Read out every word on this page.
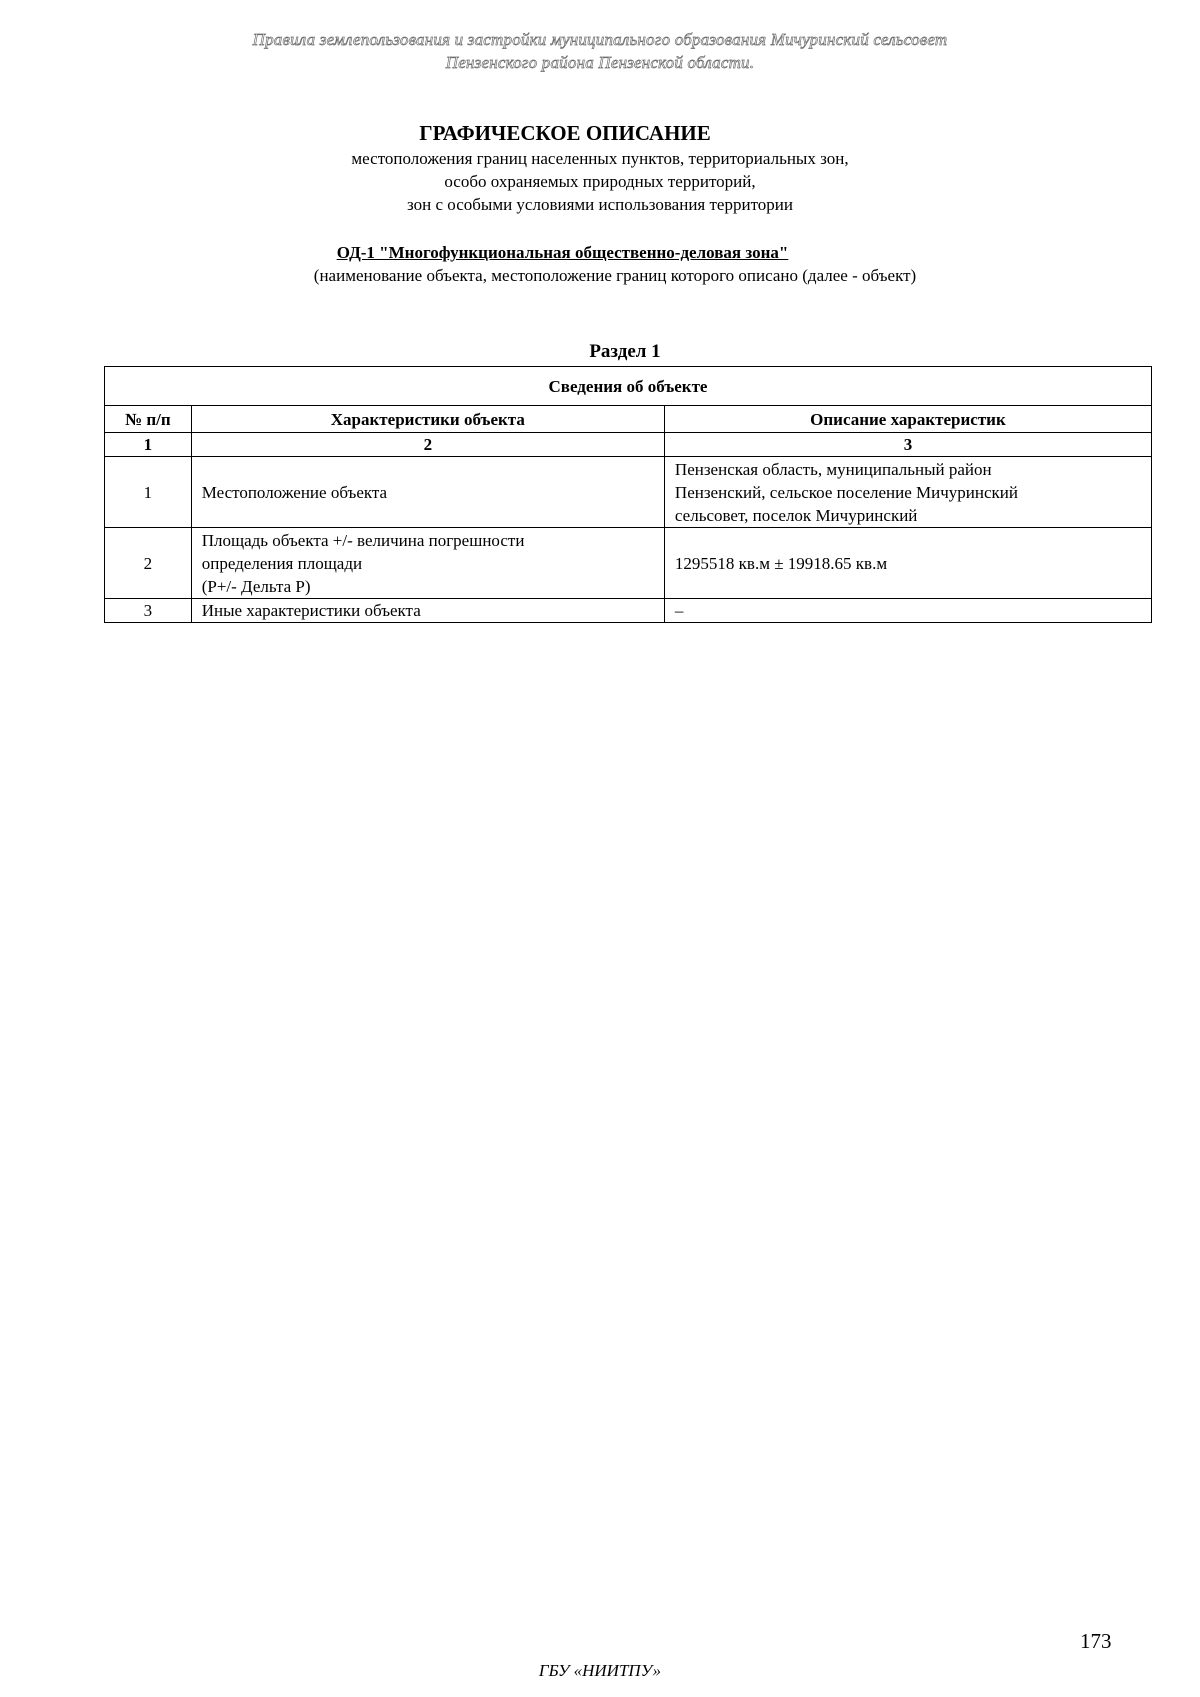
Правила землепользования и застройки муниципального образования Мичуринский сельсовет
Пензенского района Пензенской области.
ГРАФИЧЕСКОЕ ОПИСАНИЕ
местоположения границ населенных пунктов, территориальных зон,
особо охраняемых природных территорий,
зон с особыми условиями использования территории
ОД-1 "Многофункциональная общественно-деловая зона"
(наименование объекта, местоположение границ которого описано (далее - объект)
Раздел 1
Сведения об объекте		
№ п/п	Характеристики объекта	Описание характеристик
1	2	3
1	Местоположение объекта	Пензенская область, муниципальный район
Пензенский, сельское поселение Мичуринский
сельсовет, поселок Мичуринский

2	Площадь объекта +/- величина погрешности
определения площади
(Р+/- Дельта Р)	1295518 кв.м ± 19918.65 кв.м

3	Иные характеристики объекта	–
173
ГБУ «НИИТПУ»
